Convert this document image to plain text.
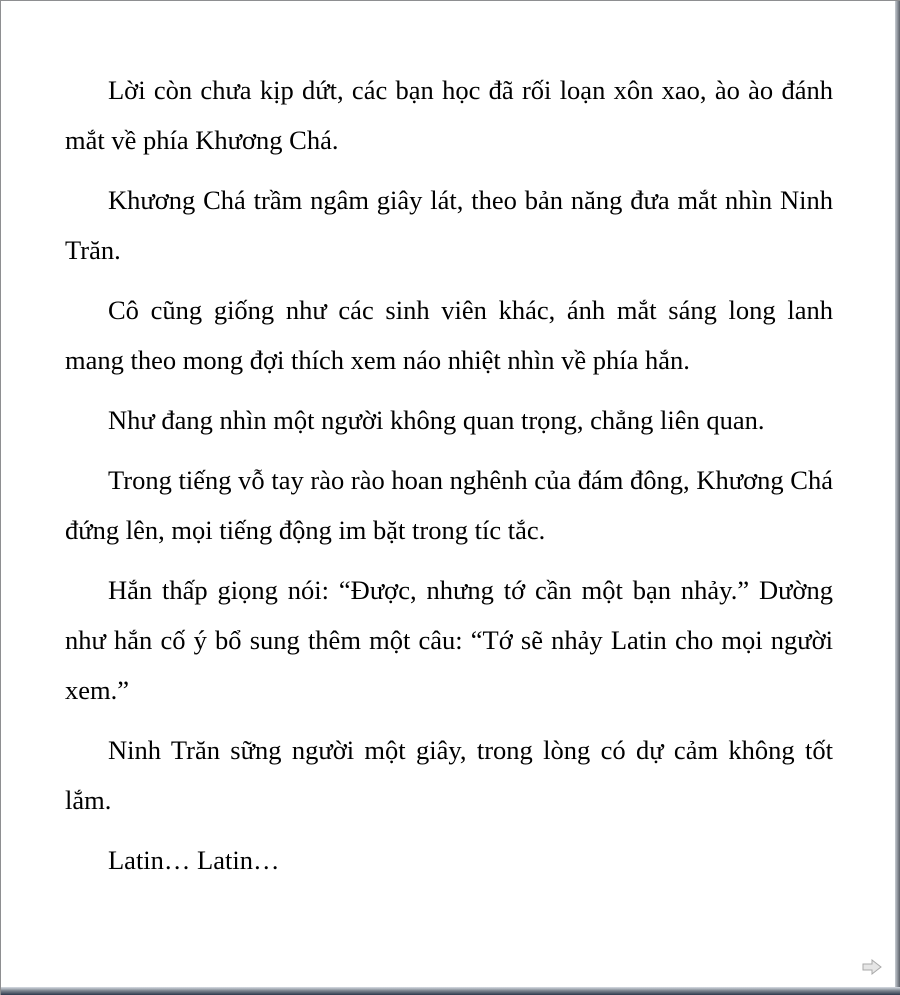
Lời còn chưa kịp dứt, các bạn học đã rối loạn xôn xao, ào ào đánh mắt về phía Khương Chá.

Khương Chá trầm ngâm giây lát, theo bản năng đưa mắt nhìn Ninh Trăn.

Cô cũng giống như các sinh viên khác, ánh mắt sáng long lanh mang theo mong đợi thích xem náo nhiệt nhìn về phía hắn.

Như đang nhìn một người không quan trọng, chẳng liên quan.

Trong tiếng vỗ tay rào rào hoan nghênh của đám đông, Khương Chá đứng lên, mọi tiếng động im bặt trong tíc tắc.

Hắn thấp giọng nói: “Được, nhưng tớ cần một bạn nhảy.” Dường như hắn cố ý bổ sung thêm một câu: “Tớ sẽ nhảy Latin cho mọi người xem.”

Ninh Trăn sững người một giây, trong lòng có dự cảm không tốt lắm.

Latin… Latin…
